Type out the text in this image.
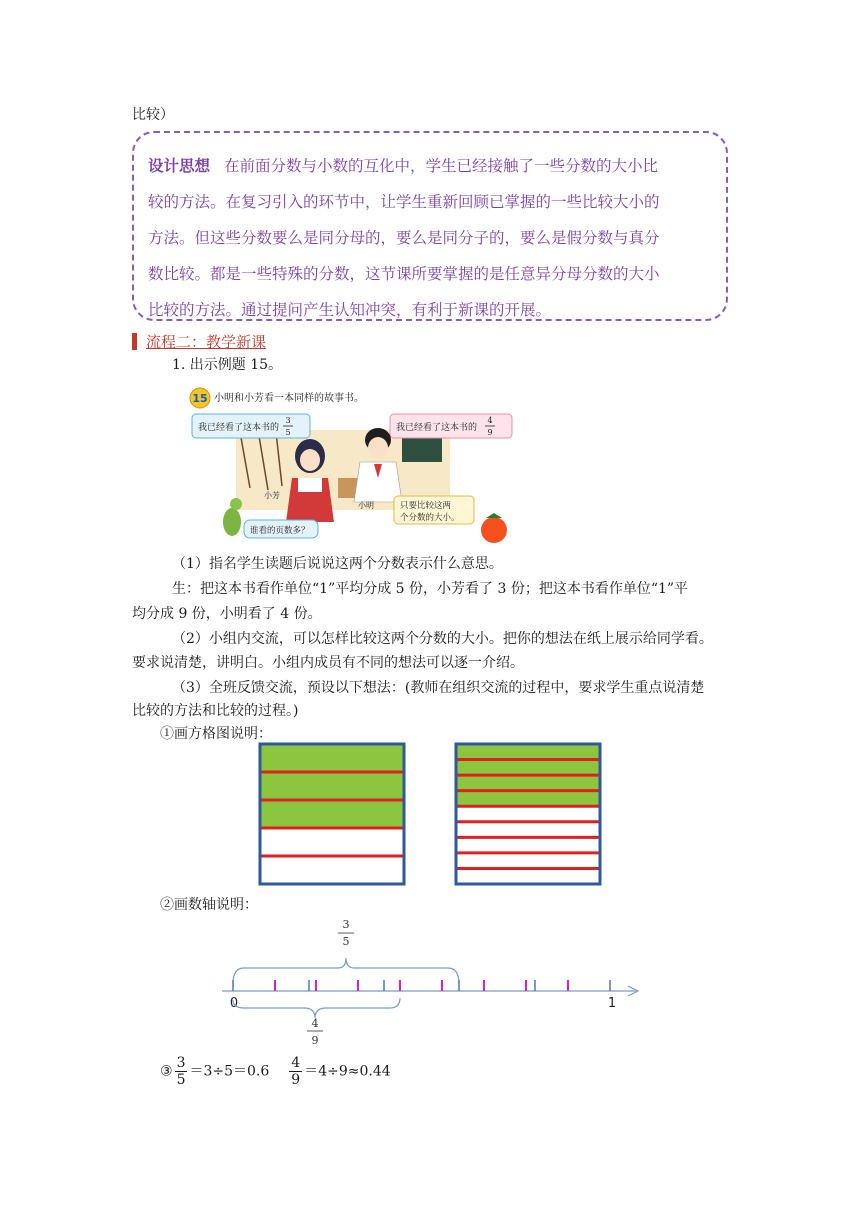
比较）
设计思想 在前面分数与小数的互化中，学生已经接触了一些分数的大小比
较的方法。在复习引入的环节中，让学生重新回顾已掌握的一些比较大小的
方法。但这些分数要么是同分母的，要么是同分子的，要么是假分数与真分
数比较。都是一些特殊的分数，这节课所要掌握的是任意异分母分数的大小
比较的方法。通过提问产生认知冲突，有利于新课的开展。
流程二：教学新课
1. 出示例题 15。
15 小明和小芳看一本同样的故事书。
我已经看了这本书的
3
5	我已经看了这本书的
4
9
小芳
小明	只要比较这两
个分数的大小。
谁看的页数多？
（1）指名学生读题后说说这两个分数表示什么意思。
生：把这本书看作单位“1”平均分成 5 份，小芳看了 3 份；把这本书看作单位“1”平
均分成 9 份，小明看了 4 份。
（2）小组内交流，可以怎样比较这两个分数的大小。把你的想法在纸上展示给同学看。
要求说清楚，讲明白。小组内成员有不同的想法可以逐一介绍。
（3）全班反馈交流，预设以下想法：(教师在组织交流的过程中，要求学生重点说清楚
比较的方法和比较的过程。)
①画方格图说明：
②画数轴说明：
3
5
0	1
4
9
③ $\frac{3}{5} =3\div 5=0.6 \frac{4}{9} =4\div 9\approx 0.44$
